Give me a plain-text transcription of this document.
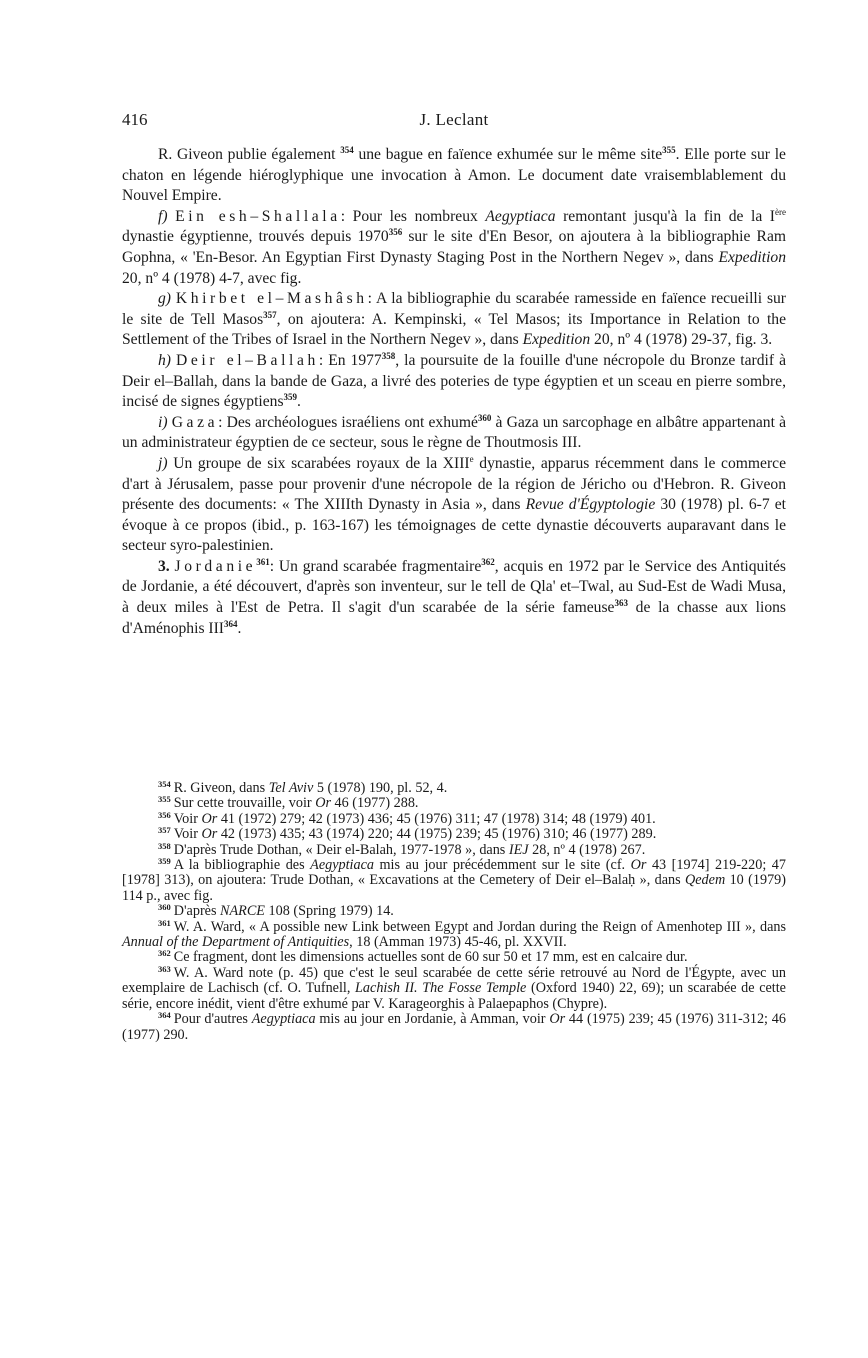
416	J. Leclant

R. Giveon publie également $^{354}$ une bague en faïence exhumée sur le même site$^{355}$. Elle porte sur le chaton en légende hiéroglyphique une invocation à Amon. Le document date vraisemblablement du Nouvel Empire.

f) Ein esh–Shallala: Pour les nombreux Aegyptiaca remontant jusqu'à la fin de la Ière dynastie égyptienne, trouvés depuis 1970$^{356}$ sur le site d'En Besor, on ajoutera à la bibliographie Ram Gophna, « 'En-Besor. An Egyptian First Dynasty Staging Post in the Northern Negev », dans Expedition 20, nº 4 (1978) 4-7, avec fig.

g) Khirbet el–Mashâsh: A la bibliographie du scarabée ramesside en faïence recueilli sur le site de Tell Masos$^{357}$, on ajoutera: A. Kempinski, « Tel Masos; its Importance in Relation to the Settlement of the Tribes of Israel in the Northern Negev », dans Expedition 20, nº 4 (1978) 29-37, fig. 3.

h) Deir el–Ballah: En 1977$^{358}$, la poursuite de la fouille d'une nécropole du Bronze tardif à Deir el–Ballah, dans la bande de Gaza, a livré des poteries de type égyptien et un sceau en pierre sombre, incisé de signes égyptiens$^{359}$.

i) Gaza: Des archéologues israéliens ont exhumé$^{360}$ à Gaza un sarcophage en albâtre appartenant à un administrateur égyptien de ce secteur, sous le règne de Thoutmosis III.

j) Un groupe de six scarabées royaux de la XIIIe dynastie, apparus récemment dans le commerce d'art à Jérusalem, passe pour provenir d'une nécropole de la région de Jéricho ou d'Hebron. R. Giveon présente des documents: « The XIIIth Dynasty in Asia », dans Revue d'Égyptologie 30 (1978) pl. 6-7 et évoque à ce propos (ibid., p. 163-167) les témoignages de cette dynastie découverts auparavant dans le secteur syro-palestinien.

3. Jordanie$^{361}$: Un grand scarabée fragmentaire$^{362}$, acquis en 1972 par le Service des Antiquités de Jordanie, a été découvert, d'après son inventeur, sur le tell de Qla' et–Twal, au Sud-Est de Wadi Musa, à deux miles à l'Est de Petra. Il s'agit d'un scarabée de la série fameuse$^{363}$ de la chasse aux lions d'Aménophis III$^{364}$.

$^{354}$ R. Giveon, dans Tel Aviv 5 (1978) 190, pl. 52, 4.

$^{355}$ Sur cette trouvaille, voir Or 46 (1977) 288.

$^{356}$ Voir Or 41 (1972) 279; 42 (1973) 436; 45 (1976) 311; 47 (1978) 314; 48 (1979) 401.

$^{357}$ Voir Or 42 (1973) 435; 43 (1974) 220; 44 (1975) 239; 45 (1976) 310; 46 (1977) 289.

$^{358}$ D'après Trude Dothan, « Deir el-Balah, 1977-1978 », dans IEJ 28, nº 4 (1978) 267.

$^{359}$ A la bibliographie des Aegyptiaca mis au jour précédemment sur le site (cf. Or 43 [1974] 219-220; 47 [1978] 313), on ajoutera: Trude Dothan, « Excavations at the Cemetery of Deir el–Balaḥ », dans Qedem 10 (1979) 114 p., avec fig.

$^{360}$ D'après NARCE 108 (Spring 1979) 14.

$^{361}$ W. A. Ward, « A possible new Link between Egypt and Jordan during the Reign of Amenhotep III », dans Annual of the Department of Antiquities, 18 (Amman 1973) 45-46, pl. XXVII.

$^{362}$ Ce fragment, dont les dimensions actuelles sont de 60 sur 50 et 17 mm, est en calcaire dur.

$^{363}$ W. A. Ward note (p. 45) que c'est le seul scarabée de cette série retrouvé au Nord de l'Égypte, avec un exemplaire de Lachisch (cf. O. Tufnell, Lachish II. The Fosse Temple (Oxford 1940) 22, 69); un scarabée de cette série, encore inédit, vient d'être exhumé par V. Karageorghis à Palaepaphos (Chypre).

$^{364}$ Pour d'autres Aegyptiaca mis au jour en Jordanie, à Amman, voir Or 44 (1975) 239; 45 (1976) 311-312; 46 (1977) 290.
